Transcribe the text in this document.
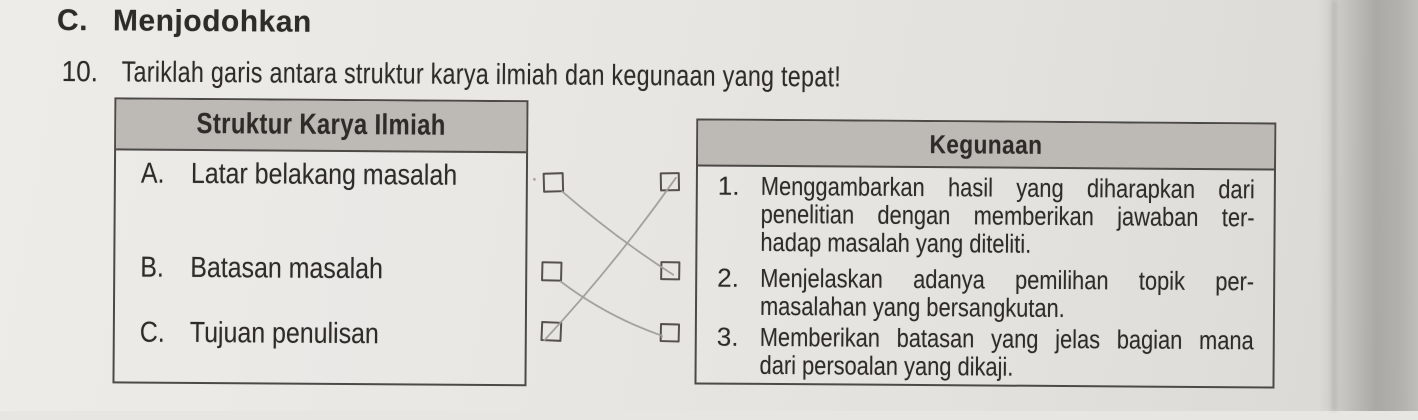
C. Menjodohkan
10. Tariklah garis antara struktur karya ilmiah dan kegunaan yang tepat!
Struktur Karya Ilmiah
A. Latar belakang masalah
B. Batasan masalah
C. Tujuan penulisan
Kegunaan
1. Menggambarkan hasil yang diharapkan dari
penelitian dengan memberikan jawaban ter-
hadap masalah yang diteliti.
2. Menjelaskan adanya pemilihan topik per-
masalahan yang bersangkutan.
3. Memberikan batasan yang jelas bagian mana
dari persoalan yang dikaji.
